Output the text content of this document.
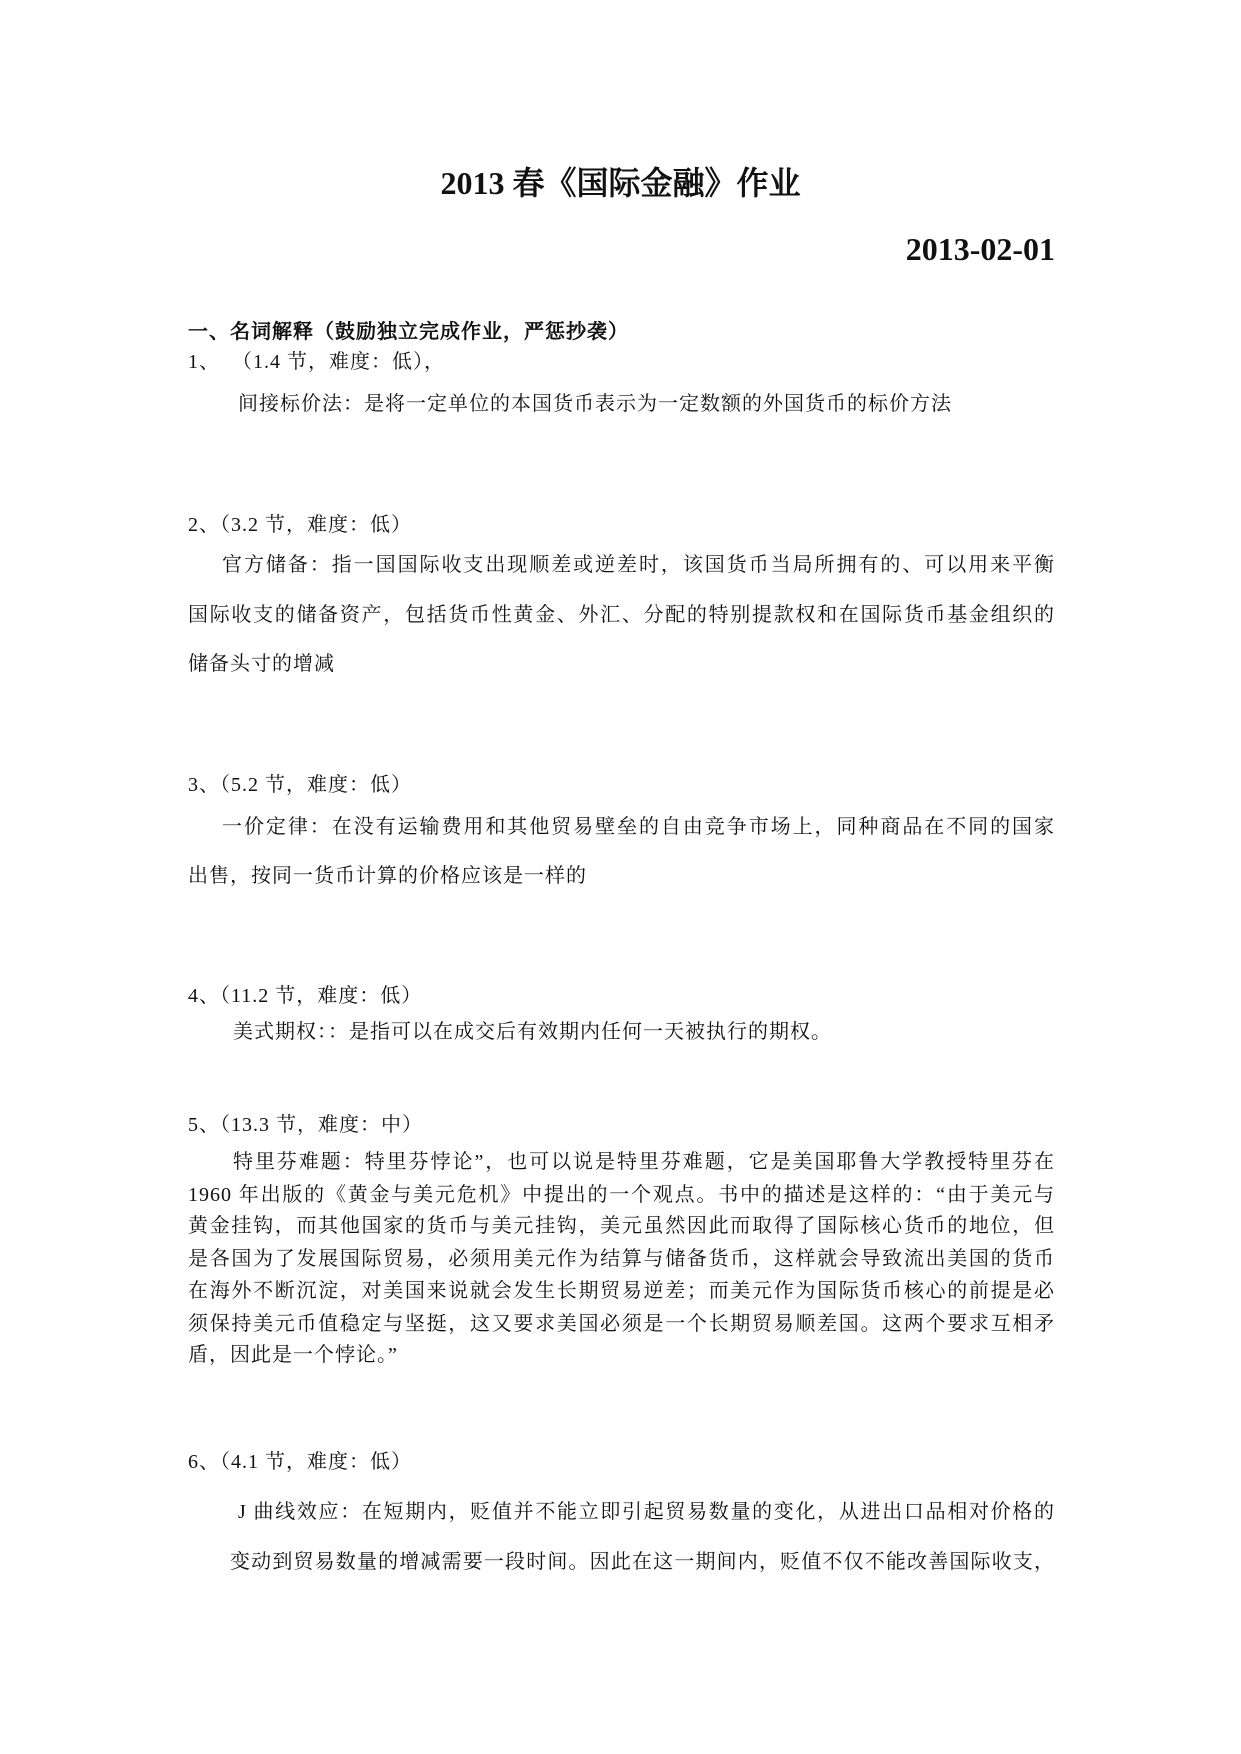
2013 春《国际金融》作业
2013-02-01
一、名词解释（鼓励独立完成作业，严惩抄袭）
1、  （1.4 节，难度：低），
间接标价法：是将一定单位的本国货币表示为一定数额的外国货币的标价方法
2、（3.2 节，难度：低）
官方储备：指一国国际收支出现顺差或逆差时，该国货币当局所拥有的、可以用来平衡
国际收支的储备资产，包括货币性黄金、外汇、分配的特别提款权和在国际货币基金组织的
储备头寸的增减
3、（5.2 节，难度：低）
一价定律：在没有运输费用和其他贸易壁垒的自由竞争市场上，同种商品在不同的国家
出售，按同一货币计算的价格应该是一样的
4、（11.2 节，难度：低）
美式期权：：是指可以在成交后有效期内任何一天被执行的期权。
5、（13.3 节，难度：中）
特里芬难题：特里芬悖论”，也可以说是特里芬难题，它是美国耶鲁大学教授特里芬在
1960 年出版的《黄金与美元危机》中提出的一个观点。书中的描述是这样的：“由于美元与
黄金挂钩，而其他国家的货币与美元挂钩，美元虽然因此而取得了国际核心货币的地位，但
是各国为了发展国际贸易，必须用美元作为结算与储备货币，这样就会导致流出美国的货币
在海外不断沉淀，对美国来说就会发生长期贸易逆差；而美元作为国际货币核心的前提是必
须保持美元币值稳定与坚挺，这又要求美国必须是一个长期贸易顺差国。这两个要求互相矛
盾，因此是一个悖论。”
6、（4.1 节，难度：低）
J 曲线效应：在短期内，贬值并不能立即引起贸易数量的变化，从进出口品相对价格的
变动到贸易数量的增减需要一段时间。因此在这一期间内，贬值不仅不能改善国际收支，
